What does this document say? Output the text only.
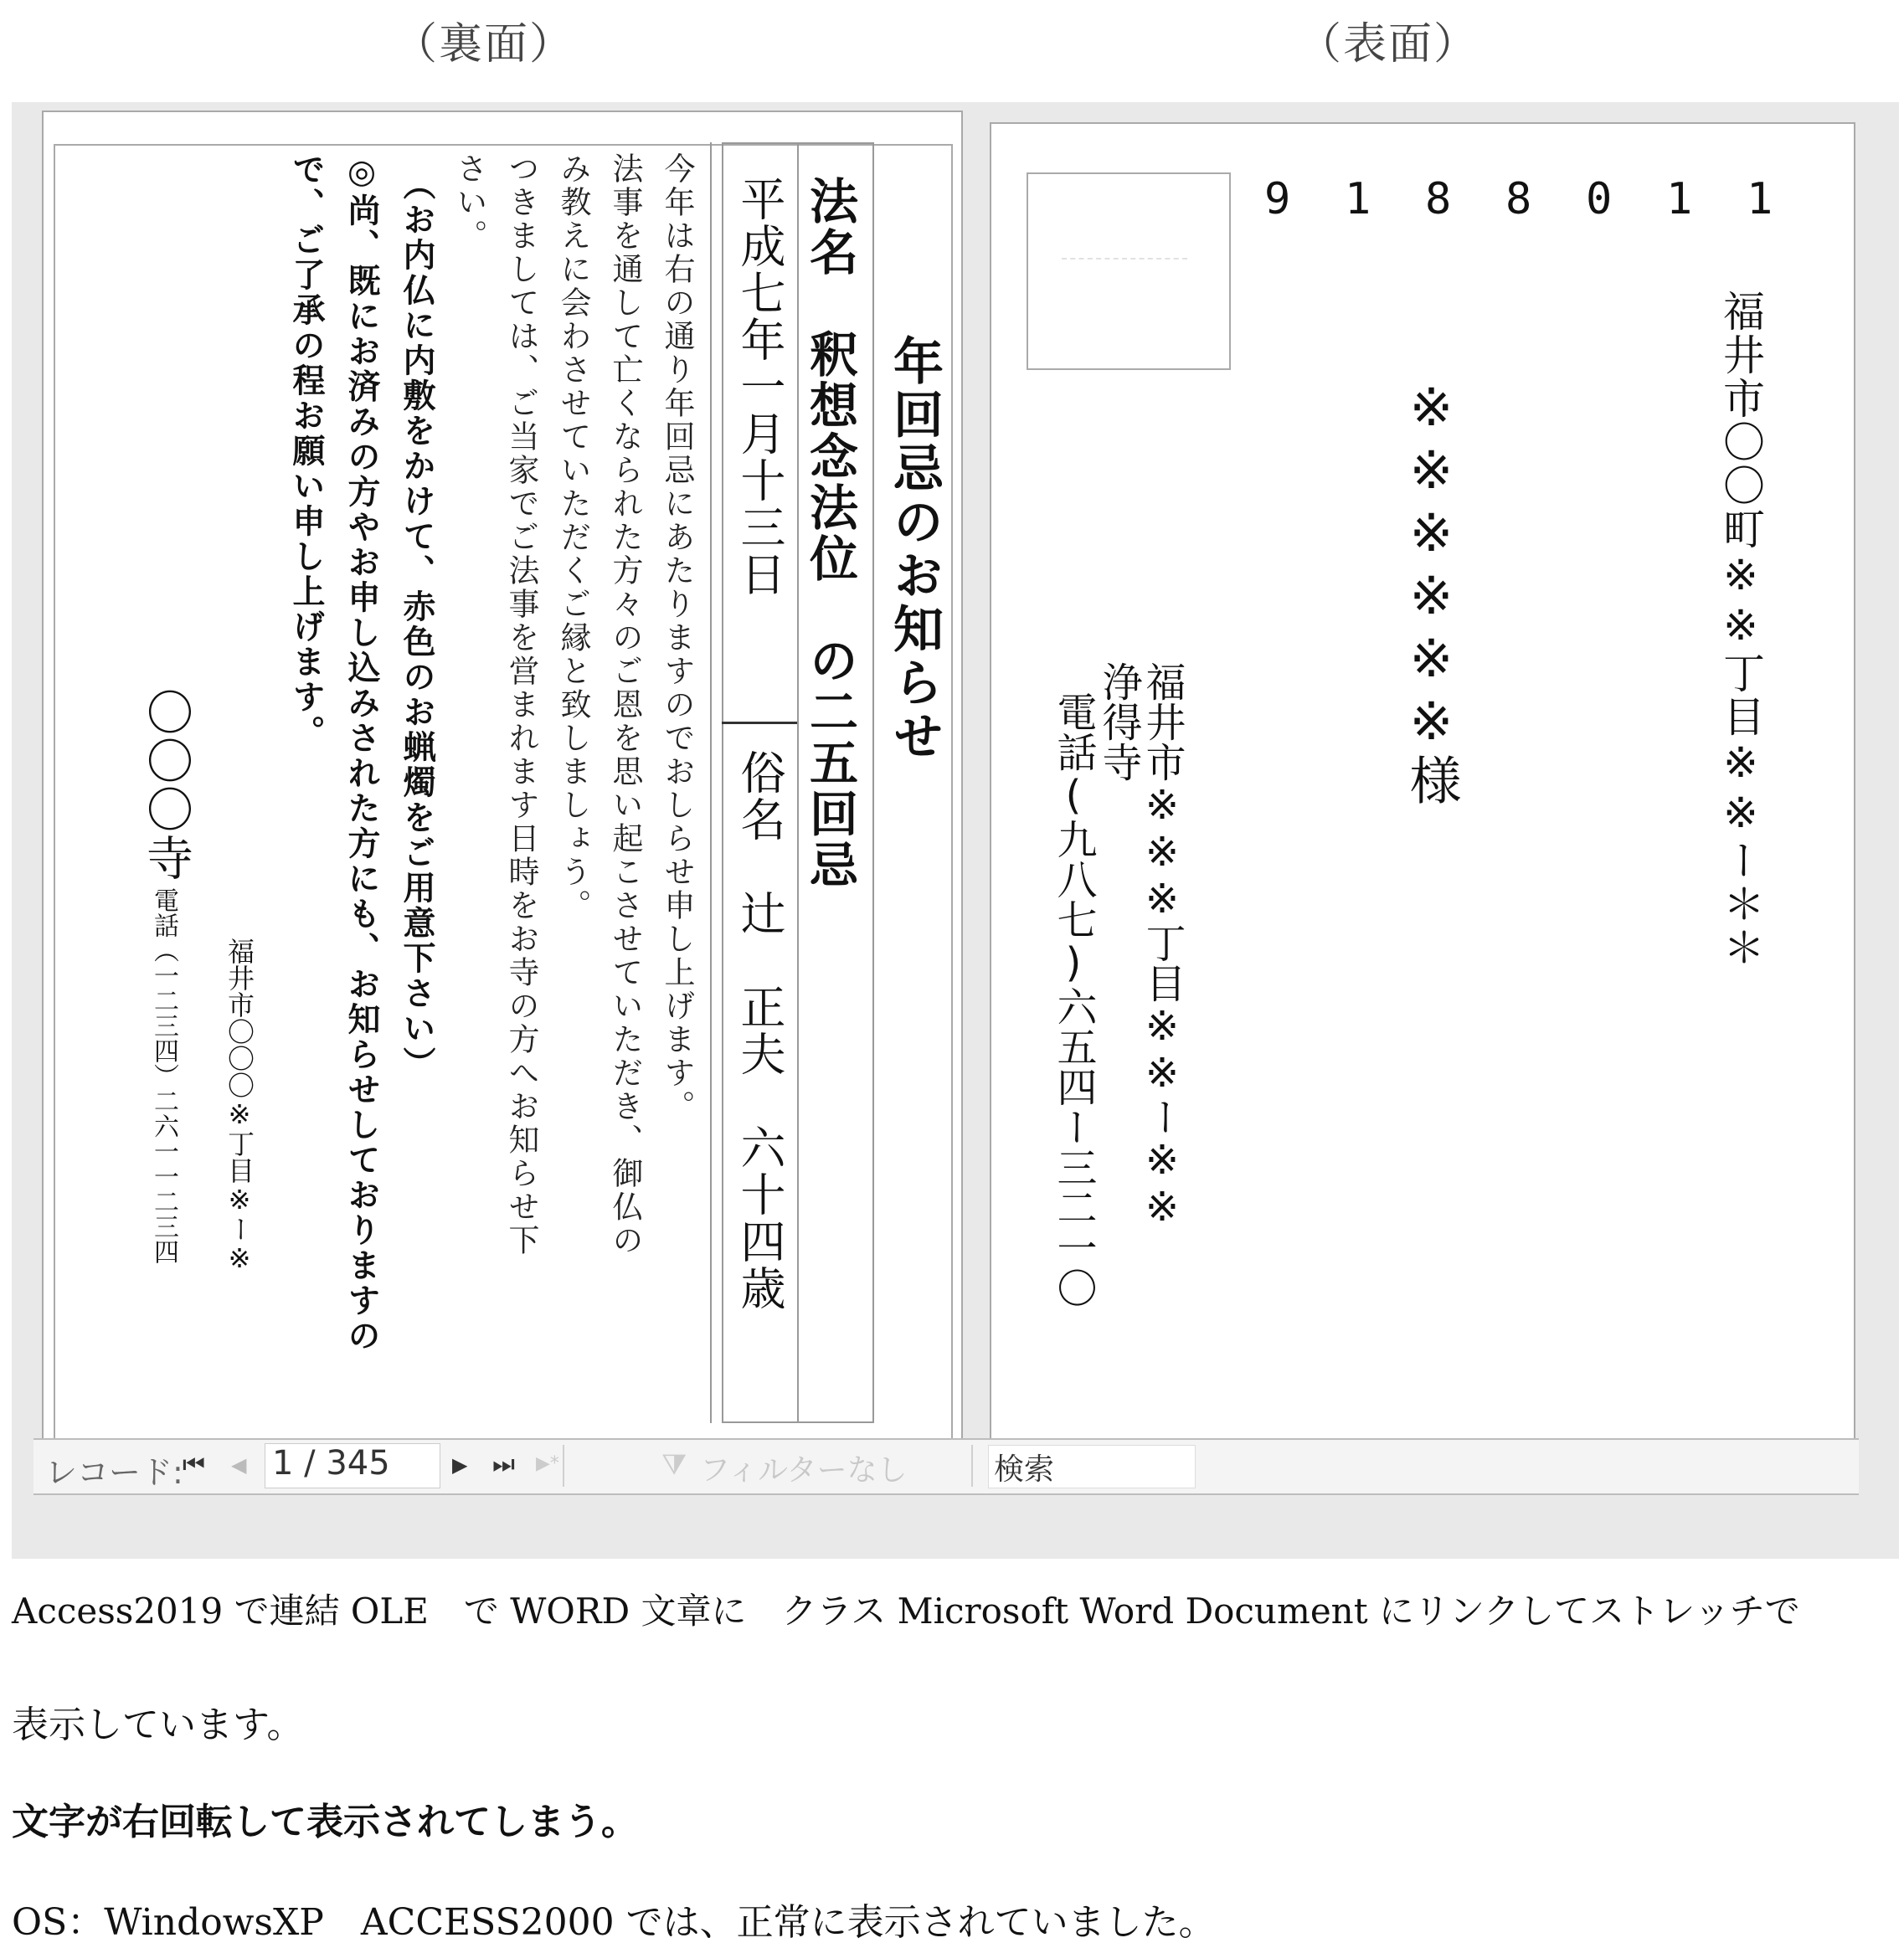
（裏面）	（表面）
年回忌のお知らせ
法名　釈想念法位　の二五回忌
平成七年一月十三日
俗名　辻　正夫　六十四歳
今年は右の通り年回忌にあたりますのでおしらせ申し上げます。
法事を通して亡くなられた方々のご恩を思い起こさせていただき、御仏の
み教えに会わさせていただくご縁と致しましょう。
つきましては、ご当家でご法事を営まれます日時をお寺の方へお知らせ下
さい。
（お内仏に内敷をかけて、赤色のお蝋燭をご用意下さい）
◎尚、既にお済みの方やお申し込みされた方にも、お知らせしておりますの
で、ご了承の程お願い申し上げます。
〇〇〇寺
電話（一二三四）二六一一二三四 福井市〇〇〇※丁目※ー※
9 1 8 8 0 1 1
福井市〇〇町※※丁目※※ー＊＊
※※※※※※様
福井市※※※丁目※※ー※※
浄得寺
電話(九八七)六五四ー三二一〇
レコード: ⏮ ◀ 1 / 345	▶ ⏭ ▶*	⧩ フィルターなし	検索
Access2019 で連結 OLE　で WORD 文章に　クラス Microsoft Word Document にリンクしてストレッチで
表示しています。
文字が右回転して表示されてしまう。
OS：WindowsXP　ACCESS2000 では、正常に表示されていました。
